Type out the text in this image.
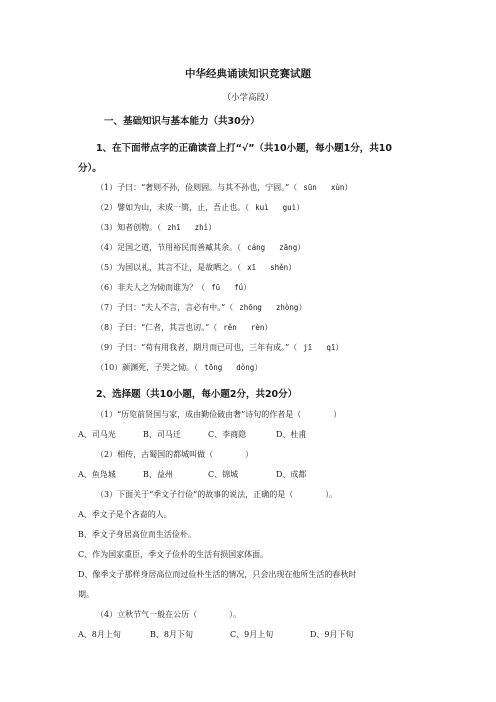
中华经典诵读知识竞赛试题
（小学高段）
一、基础知识与基本能力（共30分）
1、在下面带点字的正确读音上打“√”（共10小题，每小题1分，共10
分）。
（1）子曰：“奢则不孙，俭则固。与其不孙也，宁固。”（ sūn xùn）
（2）譬如为山，未成一篑，止，吾止也。（ kuì guì）
（3）知者创物。（ zhī zhì）
（4）足国之道，节用裕民而善臧其余。（ cáng zāng）
（5）为国以礼，其言不让，是故哂之。（ xī shěn）
（6）非夫人之为恸而谁为？（ fū fú）
（7）子曰：“夫人不言，言必有中。”（ zhōng zhòng）
（8）子曰：“仁者，其言也讱。”（ rěn rèn）
（9）子曰：“苟有用我者，期月而已可也，三年有成。”（ jī qī）
（10）颜渊死，子哭之恸。（ tōng dòng）
2、选择题（共10小题，每小题2分，共20分）
（1）“历览前贤国与家，成由勤俭破由奢”诗句的作者是（　　　　）
A、司马光	B、司马迁	C、李商隐	D、杜甫
（2）相传，古蜀国的都城叫做（　　　　）
A、鱼凫城	B、益州	C、锦城	D、成都
（3）下面关于“季文子行俭”的故事的说法，正确的是（　　　　）。
A、季文子是个吝啬的人。
B、季文子身居高位而生活俭朴。
C、作为国家重臣，季文子俭朴的生活有损国家体面。
D、像季文子那样身居高位而过俭朴生活的情况，只会出现在他所生活的春秋时
期。
（4）立秋节气一般在公历（　　　　）。
A、8月上旬	B、8月下旬	C、9月上旬	D、9月下旬
